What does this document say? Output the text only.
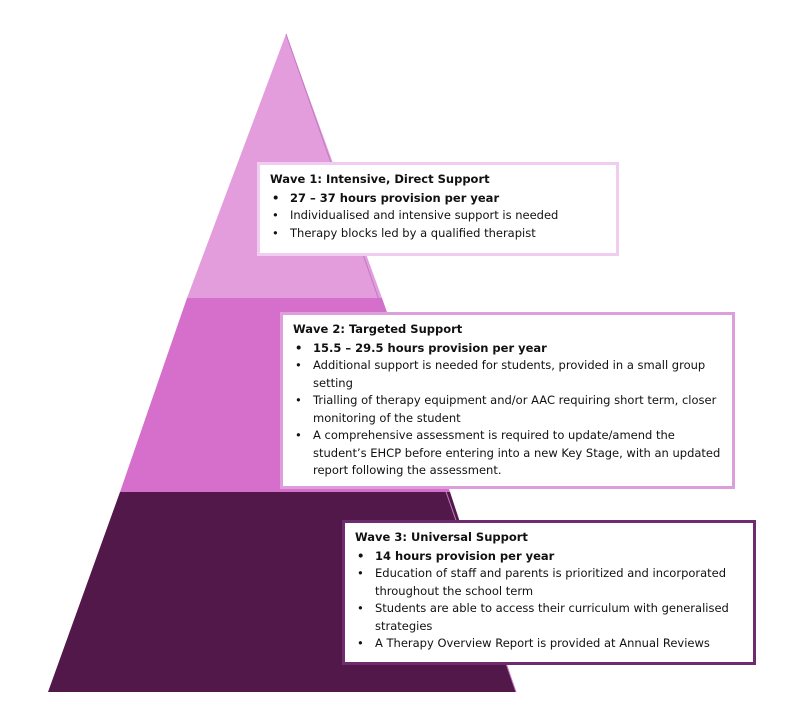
Wave 1: Intensive, Direct Support
• 27 – 37 hours provision per year
• Individualised and intensive support is needed
• Therapy blocks led by a qualified therapist
Wave 2: Targeted Support
• 15.5 – 29.5 hours provision per year
• Additional support is needed for students, provided in a small group setting
• Trialling of therapy equipment and/or AAC requiring short term, closer monitoring of the student
• A comprehensive assessment is required to update/amend the student’s EHCP before entering into a new Key Stage, with an updated report following the assessment.
Wave 3: Universal Support
• 14 hours provision per year
• Education of staff and parents is prioritized and incorporated throughout the school term
• Students are able to access their curriculum with generalised strategies
• A Therapy Overview Report is provided at Annual Reviews
